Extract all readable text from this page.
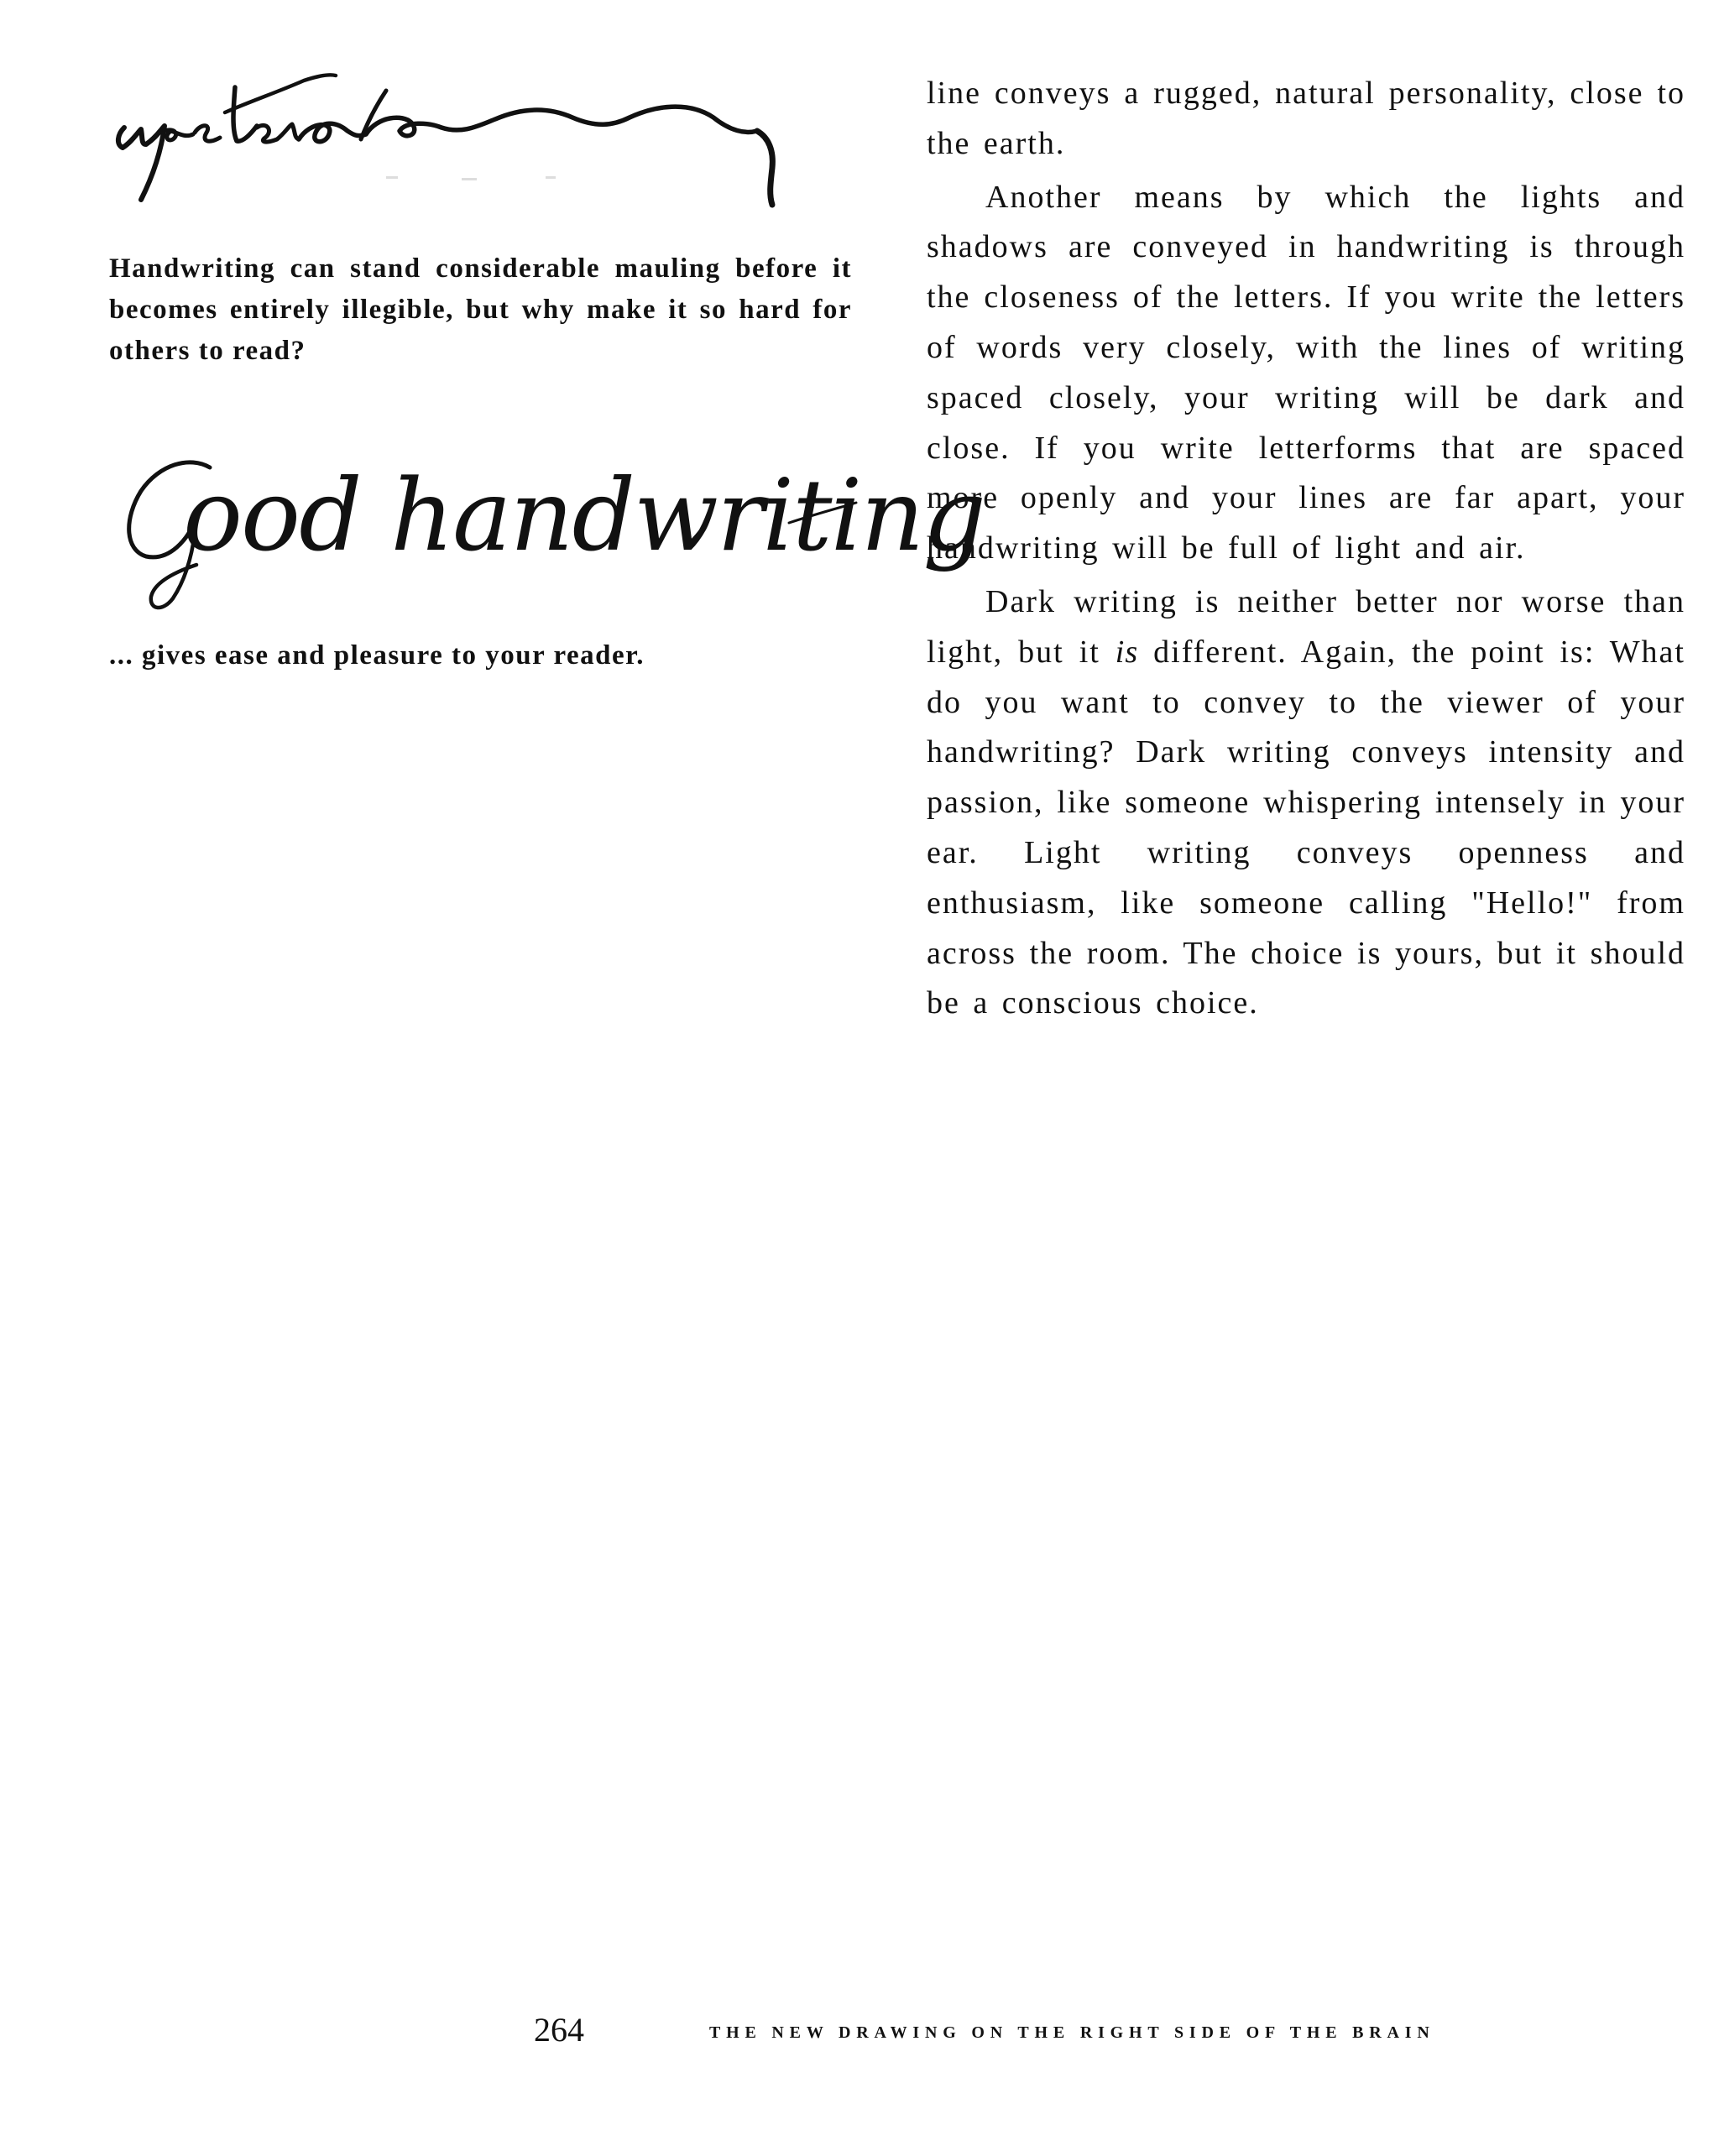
Handwriting can stand considerable mauling before it becomes entirely illegible, but why make it so hard for others to read?

ood handwriting

... gives ease and pleasure to your reader.

line conveys a rugged, natural personality, close to the earth.

Another means by which the lights and shadows are conveyed in handwriting is through the closeness of the letters. If you write the letters of words very closely, with the lines of writing spaced closely, your writing will be dark and close. If you write letterforms that are spaced more openly and your lines are far apart, your handwriting will be full of light and air.

Dark writing is neither better nor worse than light, but it is different. Again, the point is: What do you want to convey to the viewer of your handwriting? Dark writing conveys intensity and passion, like someone whispering intensely in your ear. Light writing conveys openness and enthusiasm, like someone calling "Hello!" from across the room. The choice is yours, but it should be a conscious choice.

264	THE NEW DRAWING ON THE RIGHT SIDE OF THE BRAIN
